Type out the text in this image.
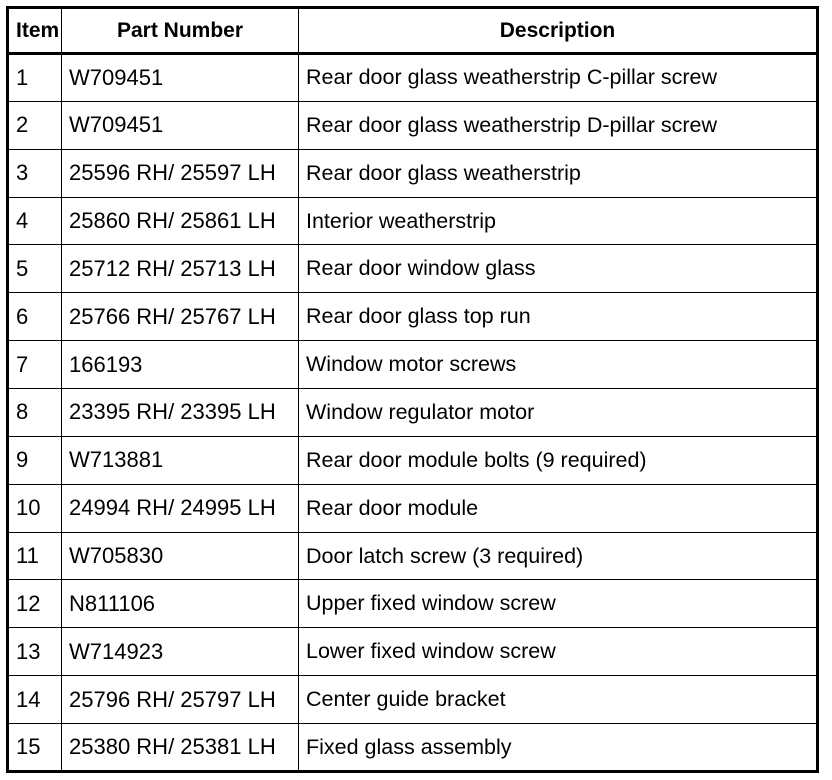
Item	Part Number	Description
1	W709451	Rear door glass weatherstrip C-pillar screw
2	W709451	Rear door glass weatherstrip D-pillar screw
3	25596 RH/ 25597 LH	Rear door glass weatherstrip
4	25860 RH/ 25861 LH	Interior weatherstrip
5	25712 RH/ 25713 LH	Rear door window glass
6	25766 RH/ 25767 LH	Rear door glass top run
7	166193	Window motor screws
8	23395 RH/ 23395 LH	Window regulator motor
9	W713881	Rear door module bolts (9 required)
10	24994 RH/ 24995 LH	Rear door module
11	W705830	Door latch screw (3 required)
12	N811106	Upper fixed window screw
13	W714923	Lower fixed window screw
14	25796 RH/ 25797 LH	Center guide bracket
15	25380 RH/ 25381 LH	Fixed glass assembly
